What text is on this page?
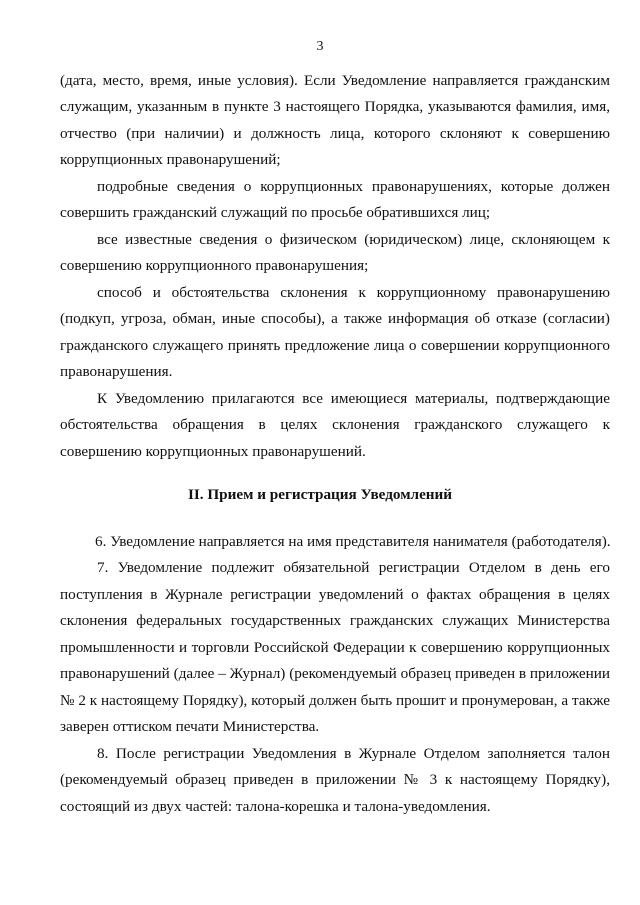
3
(дата, место, время, иные условия). Если Уведомление направляется гражданским
служащим, указанным в пункте 3 настоящего Порядка, указываются фамилия, имя,
отчество (при наличии) и должность лица, которого склоняют к совершению
коррупционных правонарушений;
подробные сведения о коррупционных правонарушениях, которые должен
совершить гражданский служащий по просьбе обратившихся лиц;
все известные сведения о физическом (юридическом) лице, склоняющем к
совершению коррупционного правонарушения;
способ и обстоятельства склонения к коррупционному правонарушению
(подкуп, угроза, обман, иные способы), а также информация об отказе (согласии)
гражданского служащего принять предложение лица о совершении коррупционного
правонарушения.
К Уведомлению прилагаются все имеющиеся материалы, подтверждающие
обстоятельства обращения в целях склонения гражданского служащего к
совершению коррупционных правонарушений.
II. Прием и регистрация Уведомлений
6. Уведомление направляется на имя представителя нанимателя (работодателя).
7. Уведомление подлежит обязательной регистрации Отделом в день его
поступления в Журнале регистрации уведомлений о фактах обращения в целях
склонения федеральных государственных гражданских служащих Министерства
промышленности и торговли Российской Федерации к совершению коррупционных
правонарушений (далее – Журнал) (рекомендуемый образец приведен в приложении
№ 2 к настоящему Порядку), который должен быть прошит и пронумерован, а также
заверен оттиском печати Министерства.
8. После регистрации Уведомления в Журнале Отделом заполняется талон
(рекомендуемый образец приведен в приложении № 3 к настоящему Порядку),
состоящий из двух частей: талона-корешка и талона-уведомления.
